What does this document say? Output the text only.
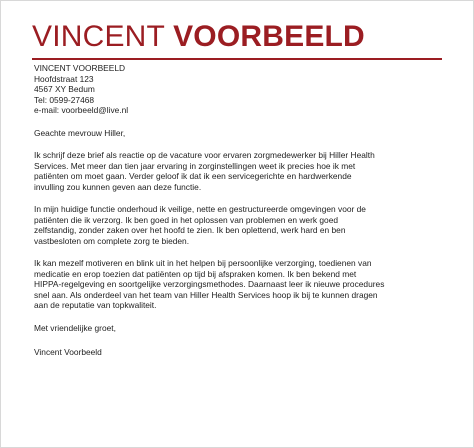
VINCENT VOORBEELD
VINCENT VOORBEELD
Hoofdstraat 123
4567 XY Bedum
Tel: 0599-27468
e-mail: voorbeeld@live.nl
Geachte mevrouw Hiller,
Ik schrijf deze brief als reactie op de vacature voor ervaren zorgmedewerker bij Hiller Health
Services. Met meer dan tien jaar ervaring in zorginstellingen weet ik precies hoe ik met
patiënten om moet gaan. Verder geloof ik dat ik een servicegerichte en hardwerkende
invulling zou kunnen geven aan deze functie.
In mijn huidige functie onderhoud ik veilige, nette en gestructureerde omgevingen voor de
patiënten die ik verzorg. Ik ben goed in het oplossen van problemen en werk goed
zelfstandig, zonder zaken over het hoofd te zien. Ik ben oplettend, werk hard en ben
vastbesloten om complete zorg te bieden.
Ik kan mezelf motiveren en blink uit in het helpen bij persoonlijke verzorging, toedienen van
medicatie en erop toezien dat patiënten op tijd bij afspraken komen. Ik ben bekend met
HIPPA-regelgeving en soortgelijke verzorgingsmethodes. Daarnaast leer ik nieuwe procedures
snel aan. Als onderdeel van het team van Hiller Health Services hoop ik bij te kunnen dragen
aan de reputatie van topkwaliteit.
Met vriendelijke groet,
Vincent Voorbeeld
